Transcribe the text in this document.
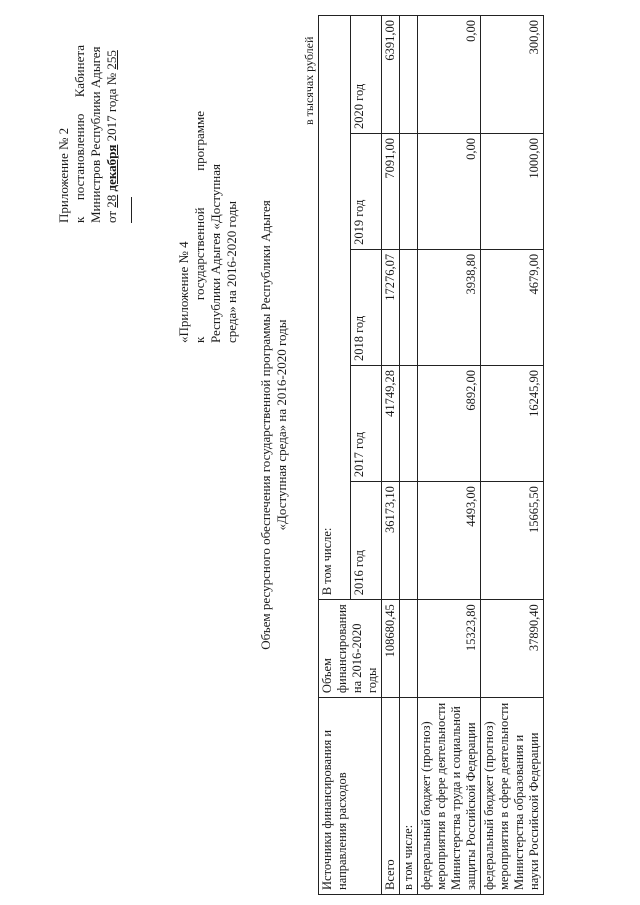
Приложение № 2 к
постановлению
Кабинета Министров Республики Адыгея от 28 декабря 2017 года № 255
«Приложение № 4 к
государственной
программе
Республики Адыгея «Доступная среда» на 2016-2020 годы Объем ресурсного обеспечения государственной программы Республики Адыгея «Доступная среда» на 2016-2020 годы
в тысячах рублей
Источники финансирования и направления расходов	Объем финансирования на 2016-2020 годы	В том числе:				
		2016 год	2017 год	2018 год	2019 год	2020 год
Всего	108680,45	36173,10	41749,28	17276,07	7091,00	6391,00
в том числе:						
федеральный бюджет (прогноз) мероприятия в сфере деятельности Министерства труда и социальной защиты Российской Федерации	15323,80	4493,00	6892,00	3938,80	0,00	0,00
федеральный бюджет (прогноз) мероприятия в сфере деятельности Министерства образования и науки Российской Федерации	37890,40	15665,50	16245,90	4679,00	1000,00	300,00
